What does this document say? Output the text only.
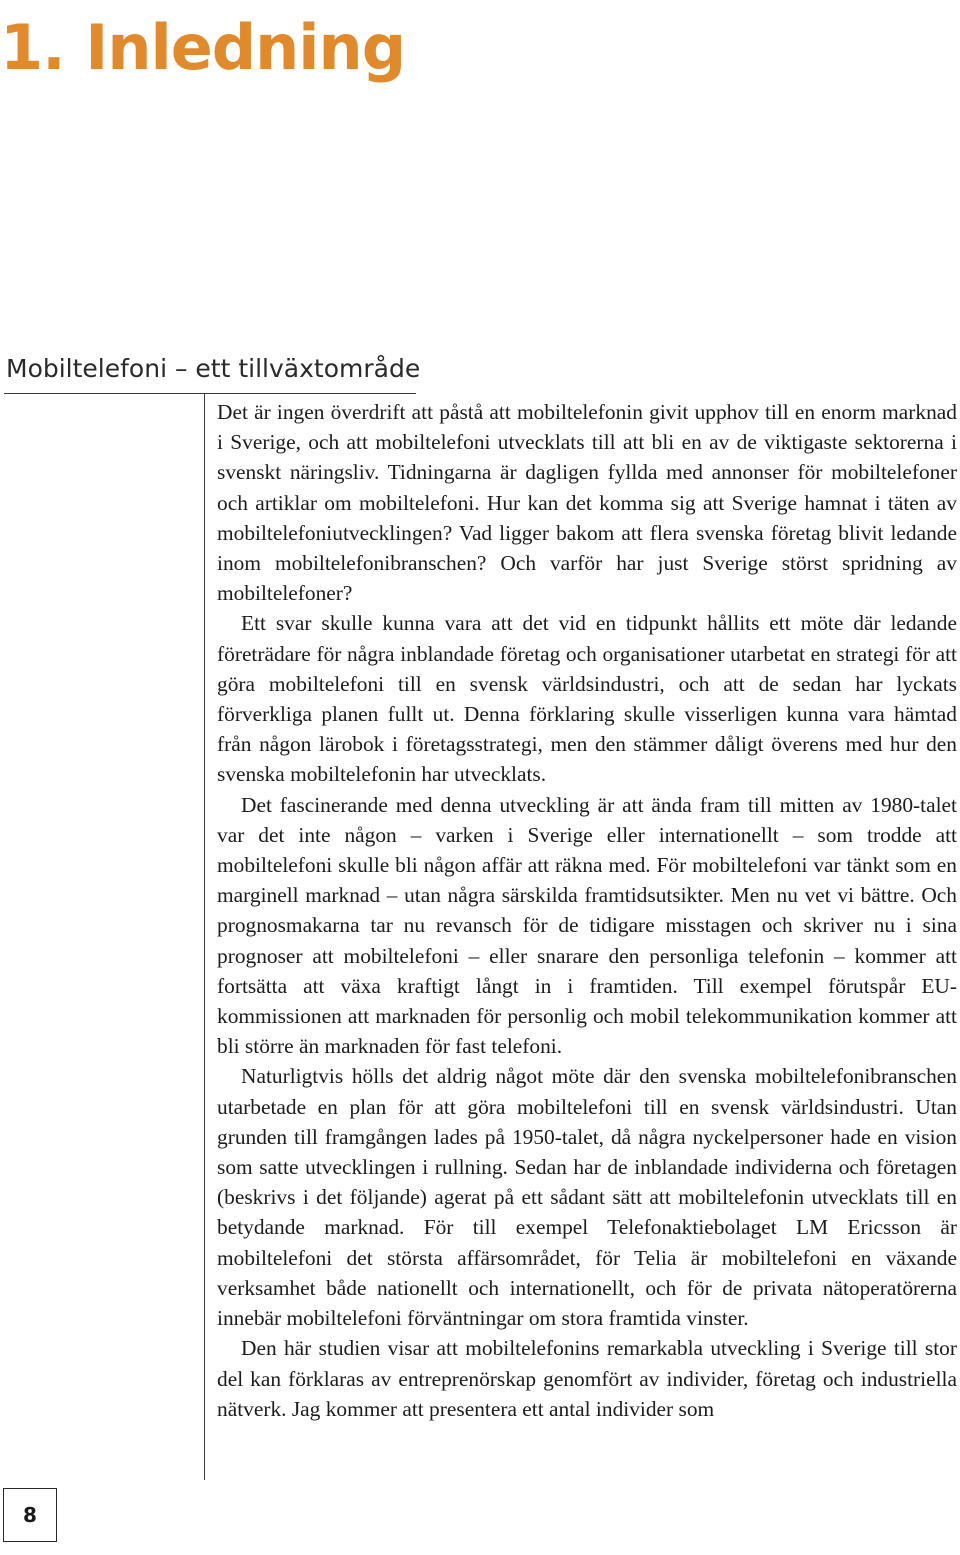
1. Inledning
Mobiltelefoni – ett tillväxtområde

Det är ingen överdrift att påstå att mobiltelefonin givit upphov till en enorm marknad i Sverige, och att mobiltelefoni utvecklats till att bli en av de viktigaste sektorerna i svenskt näringsliv. Tidningarna är dagligen fyllda med annonser för mobiltelefoner och artiklar om mobiltelefoni. Hur kan det komma sig att Sverige hamnat i täten av mobiltelefoniutvecklingen? Vad ligger bakom att flera svenska företag blivit ledande inom mobiltelefonibranschen? Och varför har just Sverige störst spridning av mobiltelefoner?

Ett svar skulle kunna vara att det vid en tidpunkt hållits ett möte där ledande företrädare för några inblandade företag och organisationer utarbetat en strategi för att göra mobiltelefoni till en svensk världsindustri, och att de sedan har lyckats förverkliga planen fullt ut. Denna förklaring skulle visserligen kunna vara hämtad från någon lärobok i företagsstrategi, men den stämmer dåligt överens med hur den svenska mobiltelefonin har utvecklats.

Det fascinerande med denna utveckling är att ända fram till mitten av 1980-talet var det inte någon – varken i Sverige eller internationellt – som trodde att mobiltelefoni skulle bli någon affär att räkna med. För mobiltelefoni var tänkt som en marginell marknad – utan några särskilda framtidsutsikter. Men nu vet vi bättre. Och prognosmakarna tar nu revansch för de tidigare misstagen och skriver nu i sina prognoser att mobiltelefoni – eller snarare den personliga telefonin – kommer att fortsätta att växa kraftigt långt in i framtiden. Till exempel förutspår EU-kommissionen att marknaden för personlig och mobil telekommunikation kommer att bli större än marknaden för fast telefoni.

Naturligtvis hölls det aldrig något möte där den svenska mobiltelefonibranschen utarbetade en plan för att göra mobiltelefoni till en svensk världsindustri. Utan grunden till framgången lades på 1950-talet, då några nyckelpersoner hade en vision som satte utvecklingen i rullning. Sedan har de inblandade individerna och företagen (beskrivs i det följande) agerat på ett sådant sätt att mobiltelefonin utvecklats till en betydande marknad. För till exempel Telefonaktiebolaget LM Ericsson är mobiltelefoni det största affärsområdet, för Telia är mobiltelefoni en växande verksamhet både nationellt och internationellt, och för de privata nätoperatörerna innebär mobiltelefoni förväntningar om stora framtida vinster.

Den här studien visar att mobiltelefonins remarkabla utveckling i Sverige till stor del kan förklaras av entreprenörskap genomfört av individer, företag och industriella nätverk. Jag kommer att presentera ett antal individer som

8
